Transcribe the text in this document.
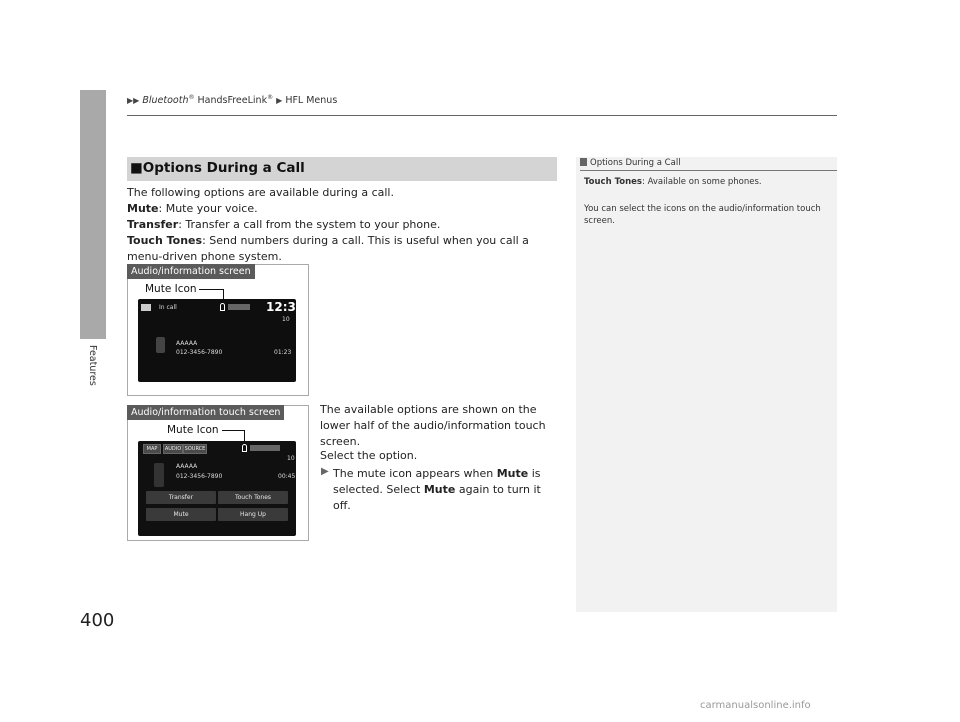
▶▶ Bluetooth® HandsFreeLink® ▶ HFL Menus
Features
400
■Options During a Call
The following options are available during a call.
Mute: Mute your voice.
Transfer: Transfer a call from the system to your phone.
Touch Tones: Send numbers during a call. This is useful when you call a menu-driven phone system.
Audio/information screen
Mute Icon
In call	12:34
10
AAAAA
012-3456-7890	01:23
Audio/information touch screen
Mute Icon
MAP	AUDIO SOURCE
10
AAAAA
012-3456-7890	00:45
Transfer	Touch Tones
Mute	Hang Up
The available options are shown on the lower half of the audio/information touch screen.
Select the option.
▶ The mute icon appears when Mute is selected. Select Mute again to turn it off.
Options During a Call
Touch Tones: Available on some phones.
You can select the icons on the audio/information touch screen.
carmanualsonline.info
